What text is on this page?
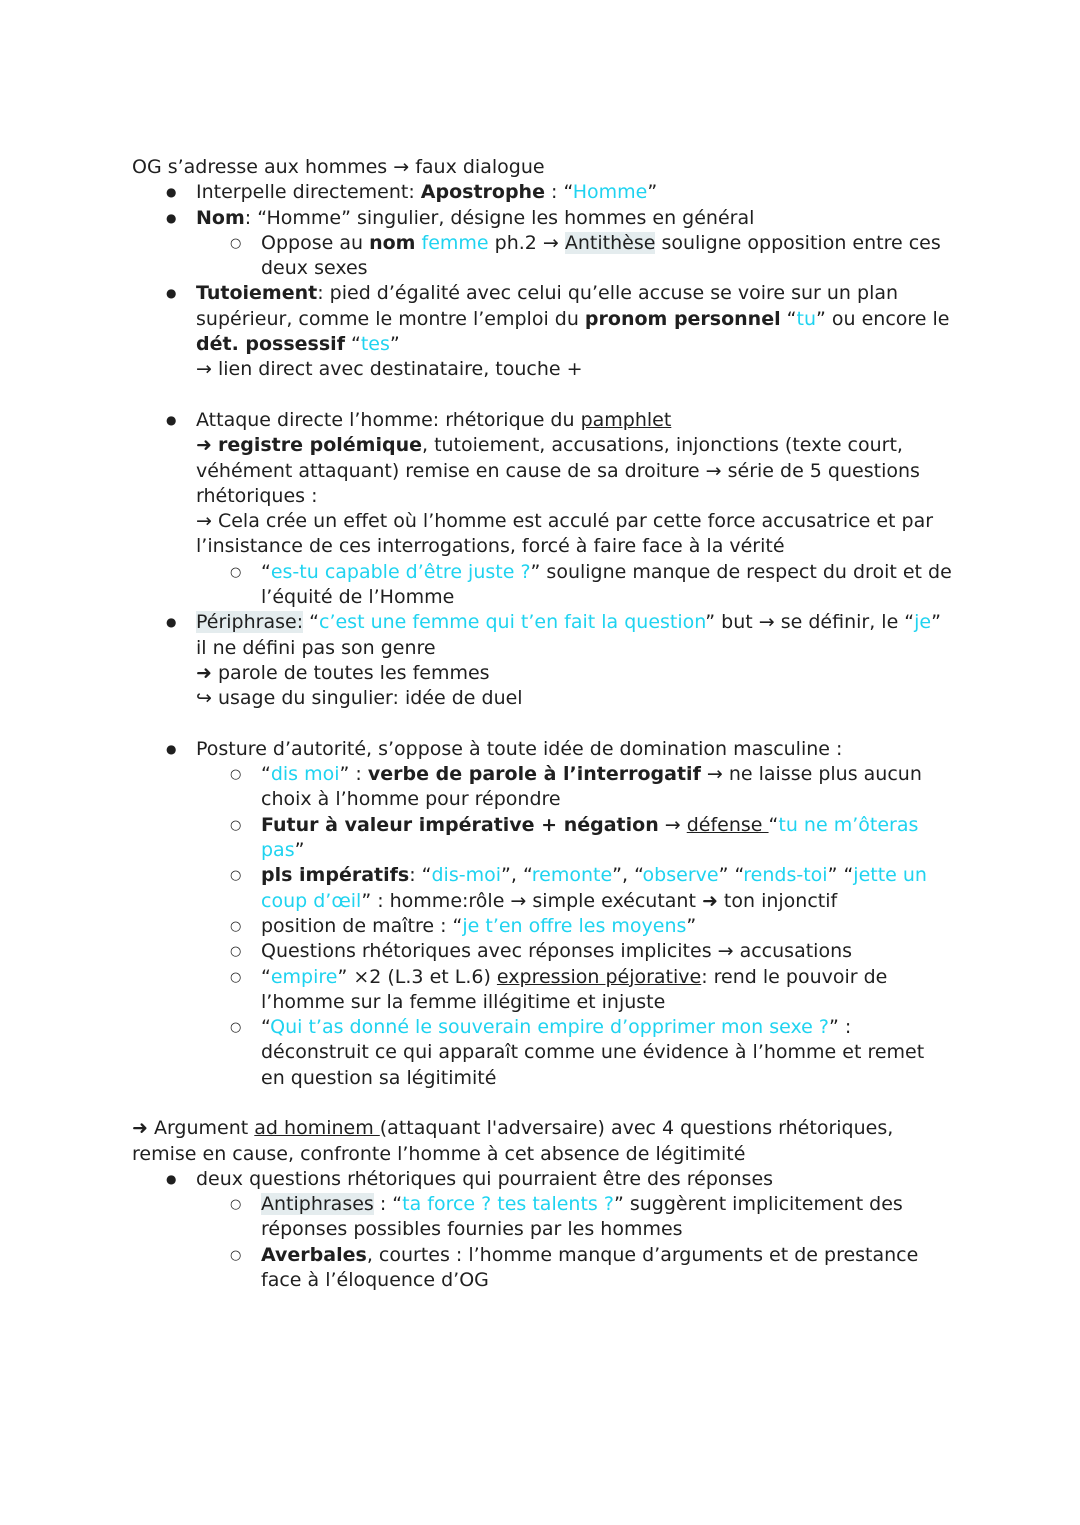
OG s’adresse aux hommes → faux dialogue

● Interpelle directement: Apostrophe : “Homme”
● Nom: “Homme” singulier, désigne les hommes en général
○ Oppose au nom femme ph.2 → Antithèse souligne opposition entre ces deux sexes
● Tutoiement: pied d’égalité avec celui qu’elle accuse se voire sur un plan supérieur, comme le montre l’emploi du pronom personnel “tu” ou encore le dét. possessif “tes”
→ lien direct avec destinataire, touche +
● Attaque directe l’homme: rhétorique du pamphlet
➜ registre polémique, tutoiement, accusations, injonctions (texte court, véhément attaquant) remise en cause de sa droiture → série de 5 questions rhétoriques :
→ Cela crée un effet où l’homme est acculé par cette force accusatrice et par l’insistance de ces interrogations, forcé à faire face à la vérité
○ “es-tu capable d’être juste ?” souligne manque de respect du droit et de l’équité de l’Homme
● Périphrase: “c’est une femme qui t’en fait la question” but → se définir, le “je” il ne défini pas son genre
➜ parole de toutes les femmes
↪ usage du singulier: idée de duel
● Posture d’autorité, s’oppose à toute idée de domination masculine :
○ “dis moi” : verbe de parole à l’interrogatif → ne laisse plus aucun choix à l’homme pour répondre
○ Futur à valeur impérative + négation → défense “tu ne m’ôteras pas”
○ pls impératifs: “dis-moi”, “remonte”, “observe” “rends-toi” “jette un coup d’œil” : homme:rôle → simple exécutant ➜ ton injonctif
○ position de maître : “je t’en offre les moyens”
○ Questions rhétoriques avec réponses implicites → accusations
○ “empire” ×2 (L.3 et L.6) expression péjorative: rend le pouvoir de l’homme sur la femme illégitime et injuste
○ “Qui t’as donné le souverain empire d’opprimer mon sexe ?” : déconstruit ce qui apparaît comme une évidence à l’homme et remet en question sa légitimité

➜ Argument ad hominem (attaquant l'adversaire) avec 4 questions rhétoriques, remise en cause, confronte l’homme à cet absence de légitimité

● deux questions rhétoriques qui pourraient être des réponses
○ Antiphrases : “ta force ? tes talents ?” suggèrent implicitement des réponses possibles fournies par les hommes
○ Averbales, courtes : l’homme manque d’arguments et de prestance face à l’éloquence d’OG
